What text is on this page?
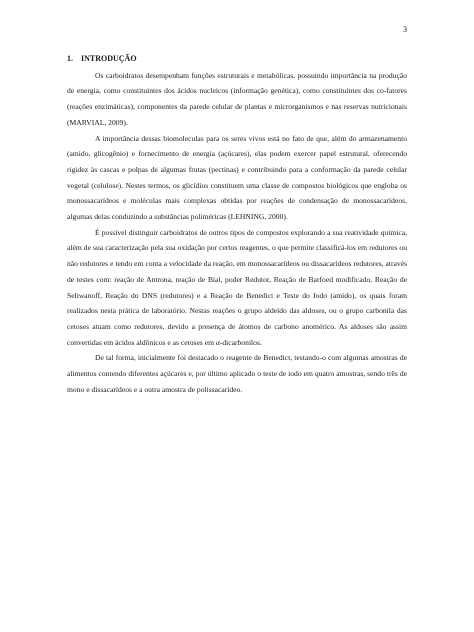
3
1. INTRODUÇÃO

Os carboidratos desempenham funções estruturais e metabólicas, possuindo importância na produção de energia, como constituintes dos ácidos nucleicos (informação genética), como constituintes dos co-fatores (reações enzimáticas), componentes da parede celular de plantas e microrganismos e nas reservas nutricionais (MARVIAL, 2009).

A importância dessas biomoleculas para os seres vivos está no fato de que, além do armazenamento (amido, glicogênio) e fornecimento de energia (açúcares), elas podem exercer papel estrutural, oferecendo rigidez às cascas e polpas de algumas frutas (pectinas) e contribuindo para a conformação da parede celular vegetal (celulose). Nestes termos, os glicídios constituem uma classe de compostos biológicos que engloba os monossacarídeos e moléculas mais complexas obtidas por reações de condensação de monossacarídeos, algumas delas conduzindo a substâncias poliméricas (LEHNING, 2000).

É possível distinguir carboidratos de outros tipos de compostos explorando a sua reatividade química, além de sua caracterização pela sua oxidação por certos reagentes, o que permite classificá-los em redutores ou não redutores e tendo em conta a velocidade da reação, em monossacarídeos ou dissacarídeos redutores, através de testes com: reação de Antrona, reação de Bial, poder Redutor, Reação de Barfoed modificado, Reação de Seliwanoff, Reação do DNS (redutores) e a Reação de Benedict e Teste do Iodo (amido), os quais foram realizados nesta prática de laboratório. Nestas reações o grupo aldeído das aldoses, ou o grupo carbonila das cetoses atuam como redutores, devido a presença de átomos de carbono anomérico. As aldoses são assim convertidas em ácidos aldônicos e as cetoses em α-dicarbonilos.

De tal forma, inicialmente foi destacado o reagente de Benedict, testando-o com algumas amostras de alimentos contendo diferentes açúcares e, por último aplicado o teste de iodo em quatro amostras, sendo três de mono e dissacarídeos e a outra amostra de polissacarídeo.
